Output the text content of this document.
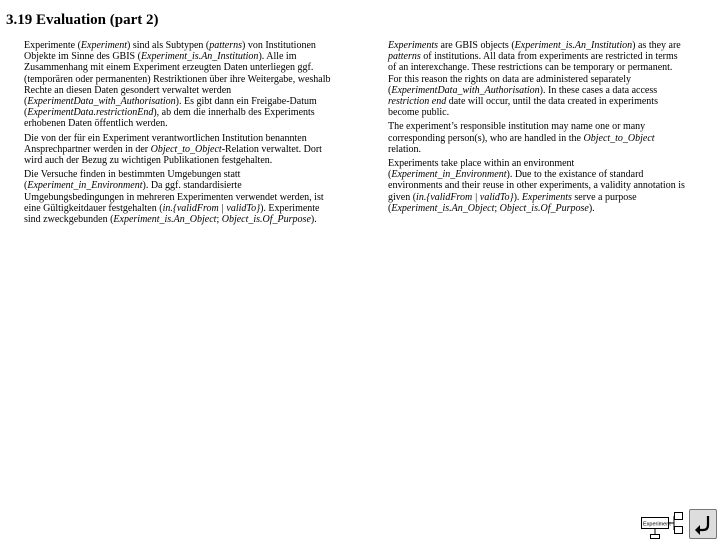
3.19 Evaluation (part 2)

Experimente (Experiment) sind als Subtypen (patterns) von Institutionen Objekte im Sinne des GBIS (Experiment_is.An_Institution). Alle im Zusammenhang mit einem Experiment erzeugten Daten unterliegen ggf. (temporären oder permanenten) Restriktionen über ihre Weitergabe, weshalb Rechte an diesen Daten gesondert verwaltet werden (ExperimentData_with_Authorisation). Es gibt dann ein Freigabe-Datum (ExperimentData.restrictionEnd), ab dem die innerhalb des Experiments erhobenen Daten öffentlich werden.

Die von der für ein Experiment verantwortlichen Institution benannten Ansprechpartner werden in der Object_to_Object-Relation verwaltet. Dort wird auch der Bezug zu wichtigen Publikationen festgehalten.

Die Versuche finden in bestimmten Umgebungen statt (Experiment_in_Environment). Da ggf. standardisierte Umgebungsbedingungen in mehreren Experimenten verwendet werden, ist eine Gültigkeitdauer festgehalten (in.{validFrom | validTo}). Experimente sind zweckgebunden (Experiment_is.An_Object; Object_is.Of_Purpose).

Experiments are GBIS objects (Experiment_is.An_Institution) as they are patterns of institutions. All data from experiments are restricted in terms of an interexchange. These restrictions can be temporary or permanent. For this reason the rights on data are administered separately (ExperimentData_with_Authorisation). In these cases a data access restriction end date will occur, until the data created in experiments become public.

The experiment’s responsible institution may name one or many corresponding person(s), who are handled in the Object_to_Object relation.

Experiments take place within an environment (Experiment_in_Environment). Due to the existance of standard environments and their reuse in other experiments, a validity annotation is given (in.{validFrom | validTo}). Experiments serve a purpose (Experiment_is.An_Object; Object_is.Of_Purpose).

Experiment
